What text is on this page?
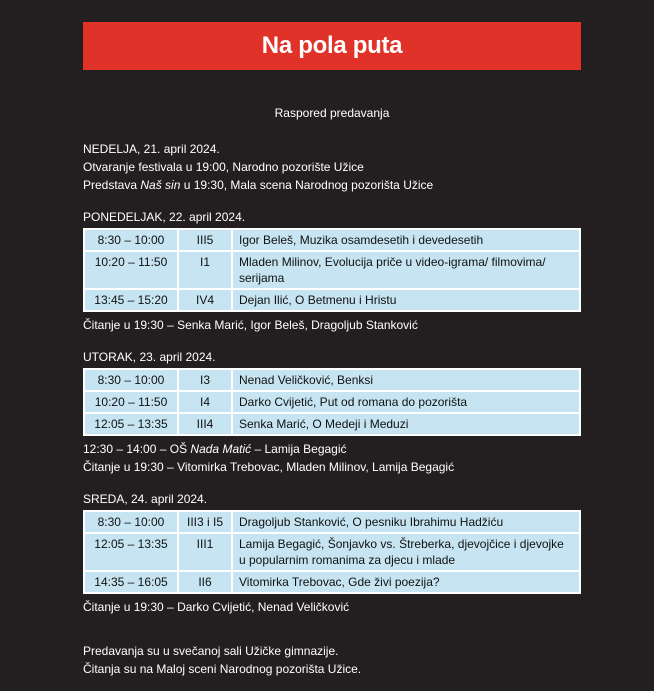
Na pola puta

Raspored predavanja

NEDELJA, 21. april 2024.

Otvaranje festivala u 19:00, Narodno pozorište Užice

Predstava Naš sin u 19:30, Mala scena Narodnog pozorišta Užice

PONEDELJAK, 22. april 2024.

8:30 – 10:00	III5	Igor Beleš, Muzika osamdesetih i devedesetih
10:20 – 11:50	I1	Mladen Milinov, Evolucija priče u video-igrama/ filmovima/ serijama
13:45 – 15:20	IV4	Dejan Ilić, O Betmenu i Hristu

Čitanje u 19:30 – Senka Marić, Igor Beleš, Dragoljub Stanković

UTORAK, 23. april 2024.

8:30 – 10:00	I3	Nenad Veličković, Benksi
10:20 – 11:50	I4	Darko Cvijetić, Put od romana do pozorišta
12:05 – 13:35	III4	Senka Marić, O Medeji i Meduzi

12:30 – 14:00 – OŠ Nada Matić – Lamija Begagić

Čitanje u 19:30 – Vitomirka Trebovac, Mladen Milinov, Lamija Begagić

SREDA, 24. april 2024.

8:30 – 10:00	III3 i I5	Dragoljub Stanković, O pesniku Ibrahimu Hadžiću
12:05 – 13:35	III1	Lamija Begagić, Šonjavko vs. Štreberka, djevojčice i djevojke u popularnim romanima za djecu i mlade
14:35 – 16:05	II6	Vitomirka Trebovac, Gde živi poezija?

Čitanje u 19:30 – Darko Cvijetić, Nenad Veličković

Predavanja su u svečanoj sali Užičke gimnazije.

Čitanja su na Maloj sceni Narodnog pozorišta Užice.
